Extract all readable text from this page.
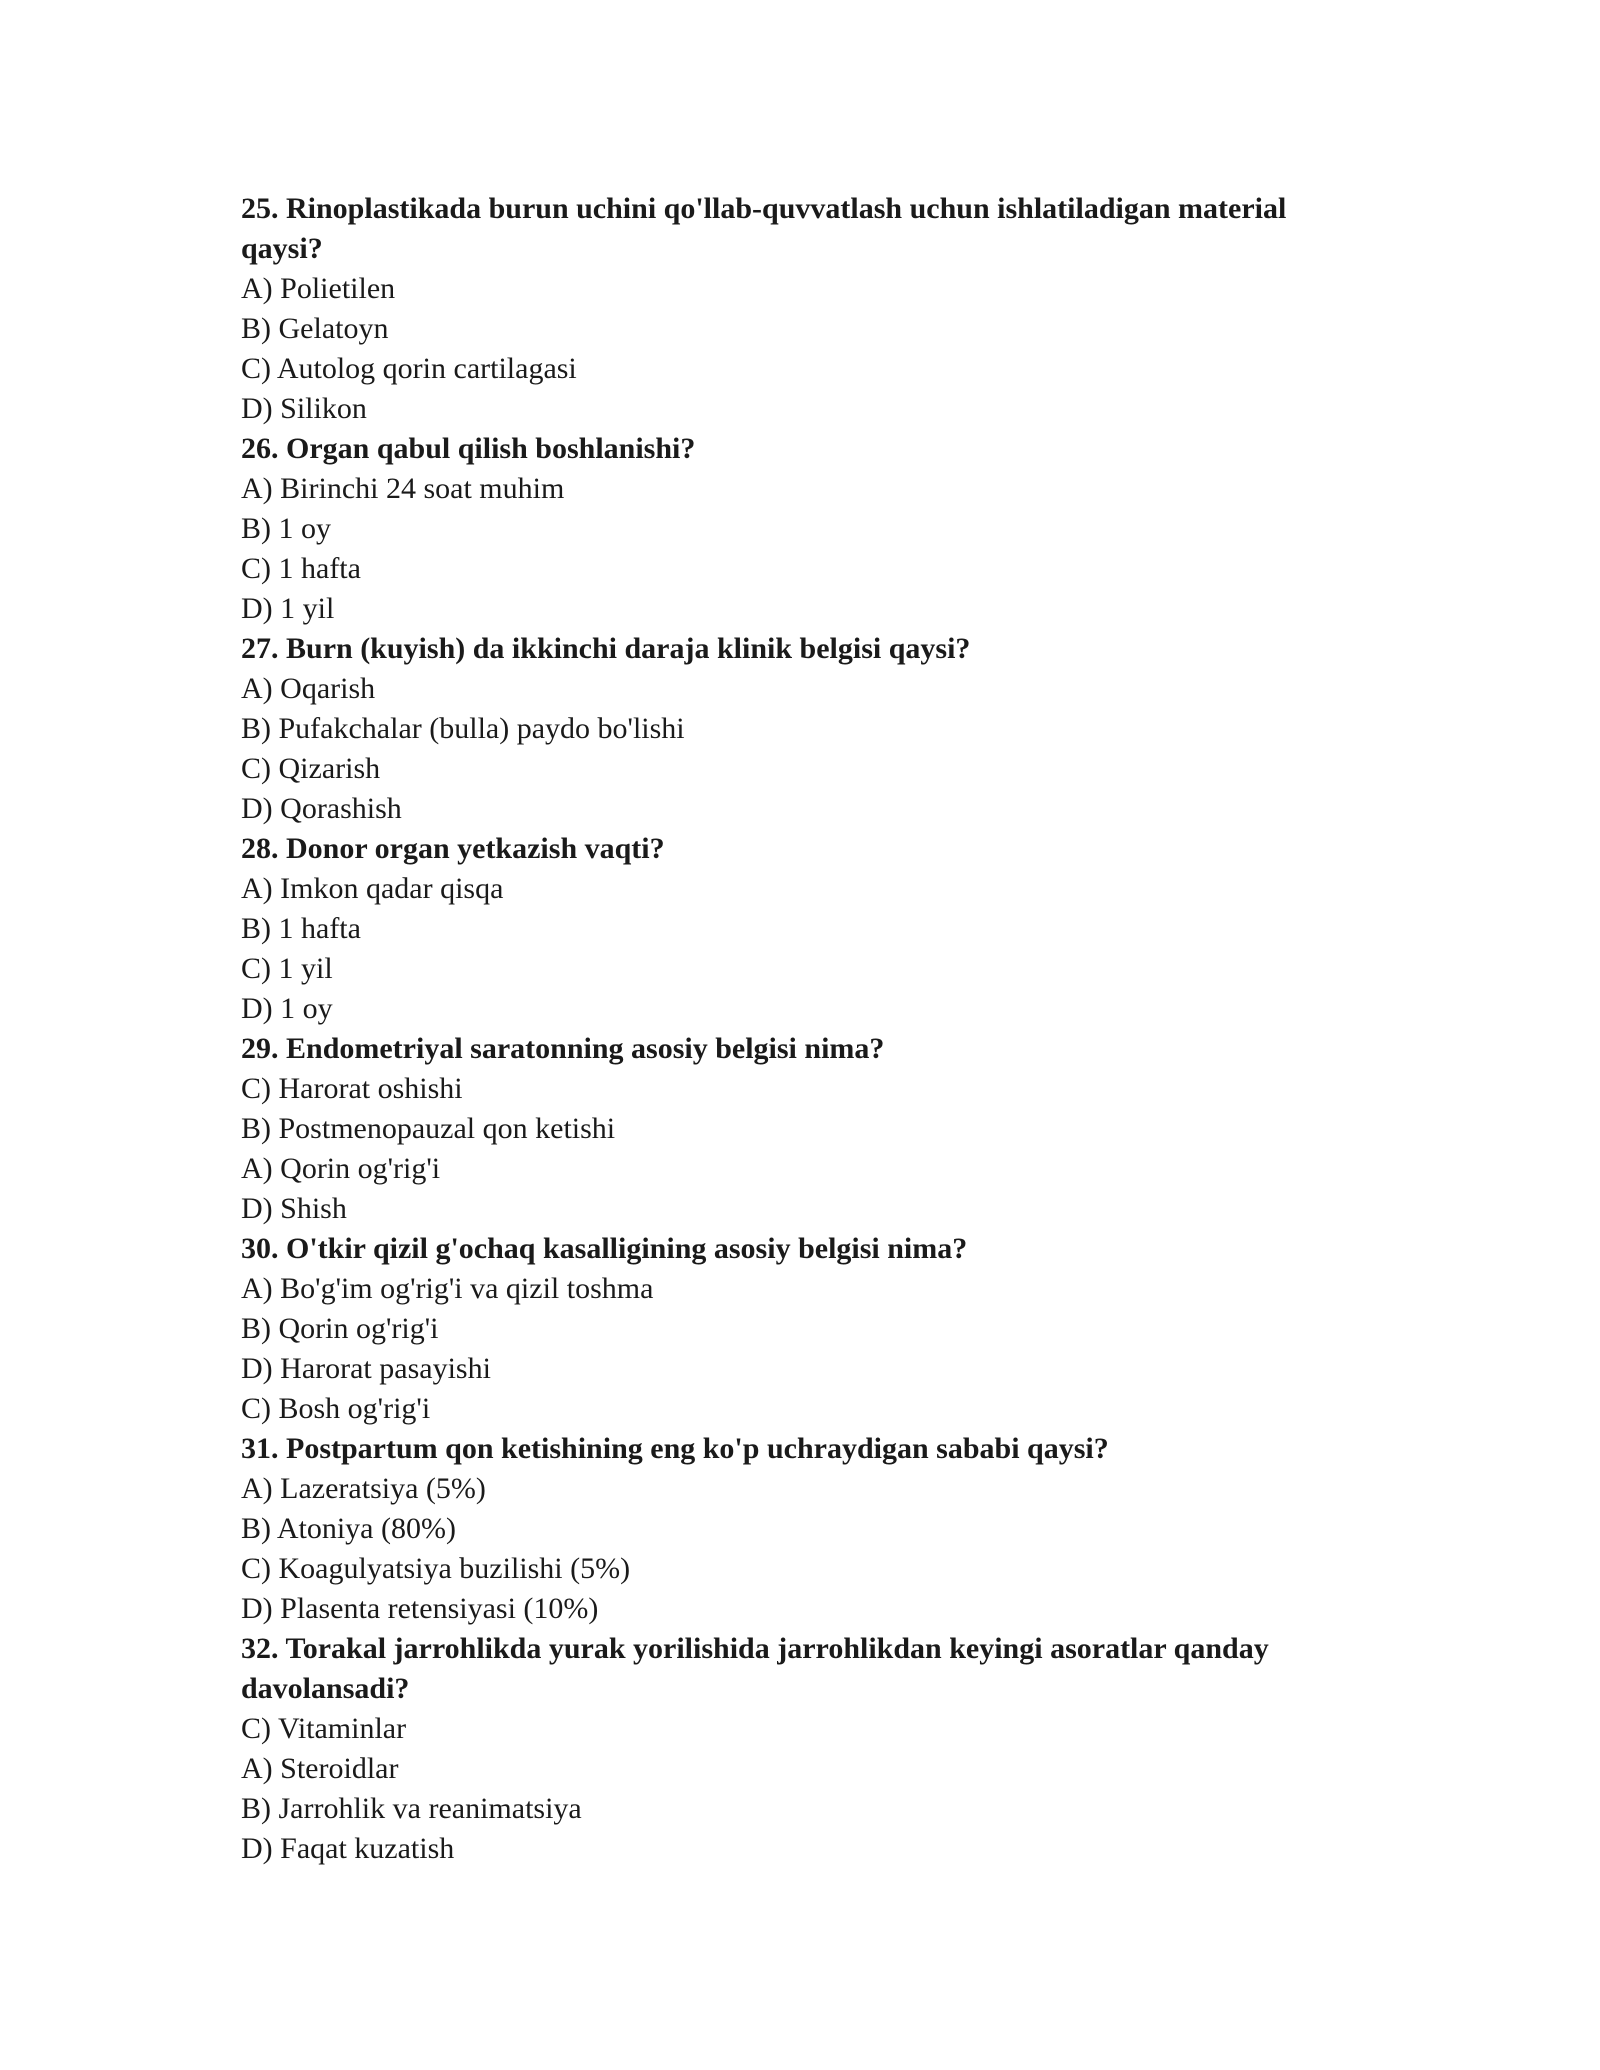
25. Rinoplastikada burun uchini qo'llab-quvvatlash uchun ishlatiladigan material qaysi?
A) Polietilen
B) Gelatoyn
C) Autolog qorin cartilagasi
D) Silikon
26. Organ qabul qilish boshlanishi?
A) Birinchi 24 soat muhim
B) 1 oy
C) 1 hafta
D) 1 yil
27. Burn (kuyish) da ikkinchi daraja klinik belgisi qaysi?
A) Oqarish
B) Pufakchalar (bulla) paydo bo'lishi
C) Qizarish
D) Qorashish
28. Donor organ yetkazish vaqti?
A) Imkon qadar qisqa
B) 1 hafta
C) 1 yil
D) 1 oy
29. Endometriyal saratonning asosiy belgisi nima?
C) Harorat oshishi
B) Postmenopauzal qon ketishi
A) Qorin og'rig'i
D) Shish
30. O'tkir qizil g'ochaq kasalligining asosiy belgisi nima?
A) Bo'g'im og'rig'i va qizil toshma
B) Qorin og'rig'i
D) Harorat pasayishi
C) Bosh og'rig'i
31. Postpartum qon ketishining eng ko'p uchraydigan sababi qaysi?
A) Lazeratsiya (5%)
B) Atoniya (80%)
C) Koagulyatsiya buzilishi (5%)
D) Plasenta retensiyasi (10%)
32. Torakal jarrohlikda yurak yorilishida jarrohlikdan keyingi asoratlar qanday davolansadi?
C) Vitaminlar
A) Steroidlar
B) Jarrohlik va reanimatsiya
D) Faqat kuzatish
